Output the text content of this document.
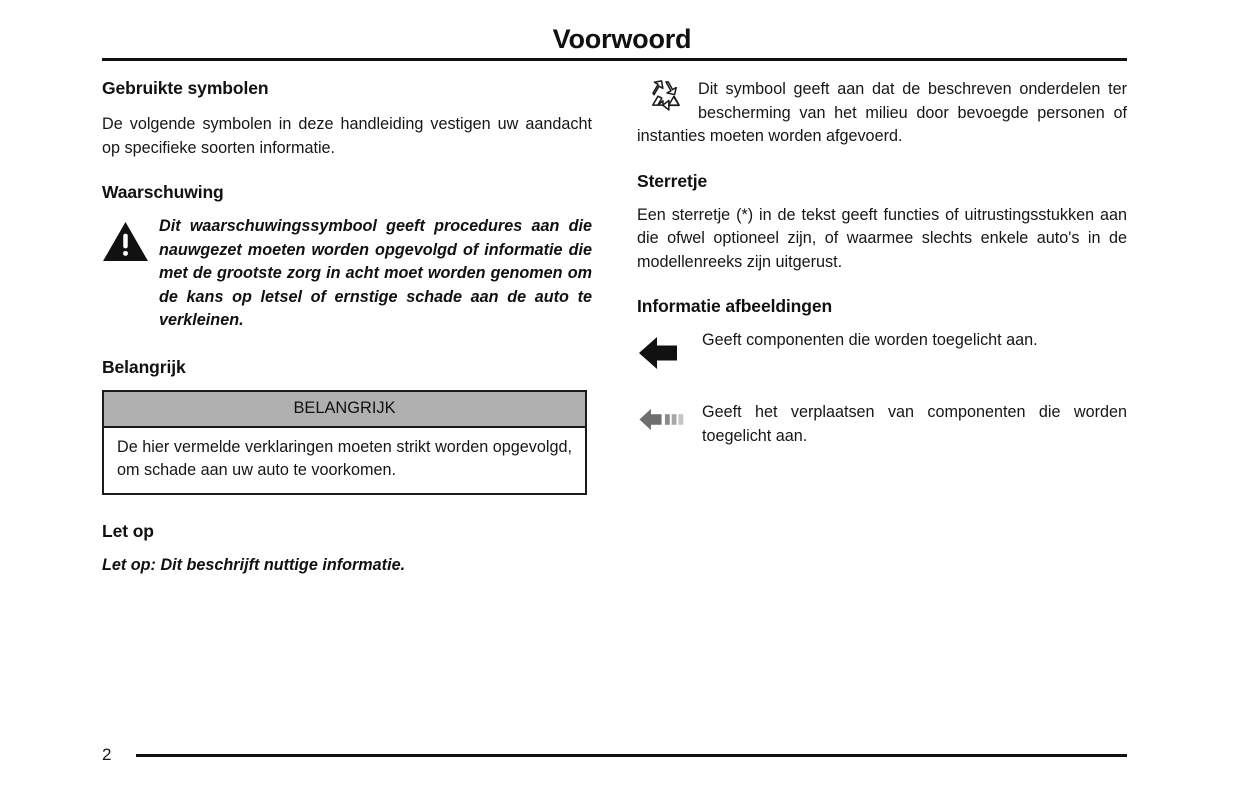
Voorwoord
Gebruikte symbolen

De volgende symbolen in deze handleiding vestigen uw aandacht op specifieke soorten informatie.

Waarschuwing
Dit waarschuwingssymbool geeft procedures aan die nauwgezet moeten worden opgevolgd of informatie die met de grootste zorg in acht moet worden genomen om de kans op letsel of ernstige schade aan de auto te verkleinen.
Belangrijk
BELANGRIJK
De hier vermelde verklaringen moeten strikt worden opgevolgd, om schade aan uw auto te voorkomen.
Let op

Let op: Dit beschrijft nuttige informatie.

Dit symbool geeft aan dat de beschreven onderdelen ter bescherming van het milieu door bevoegde personen of instanties moeten worden afgevoerd.

Sterretje

Een sterretje (*) in de tekst geeft functies of uitrustingsstukken aan die ofwel optioneel zijn, of waarmee slechts enkele auto's in de modellenreeks zijn uitgerust.

Informatie afbeeldingen
Geeft componenten die worden toegelicht aan.
Geeft het verplaatsen van componenten die worden toegelicht aan.
2
